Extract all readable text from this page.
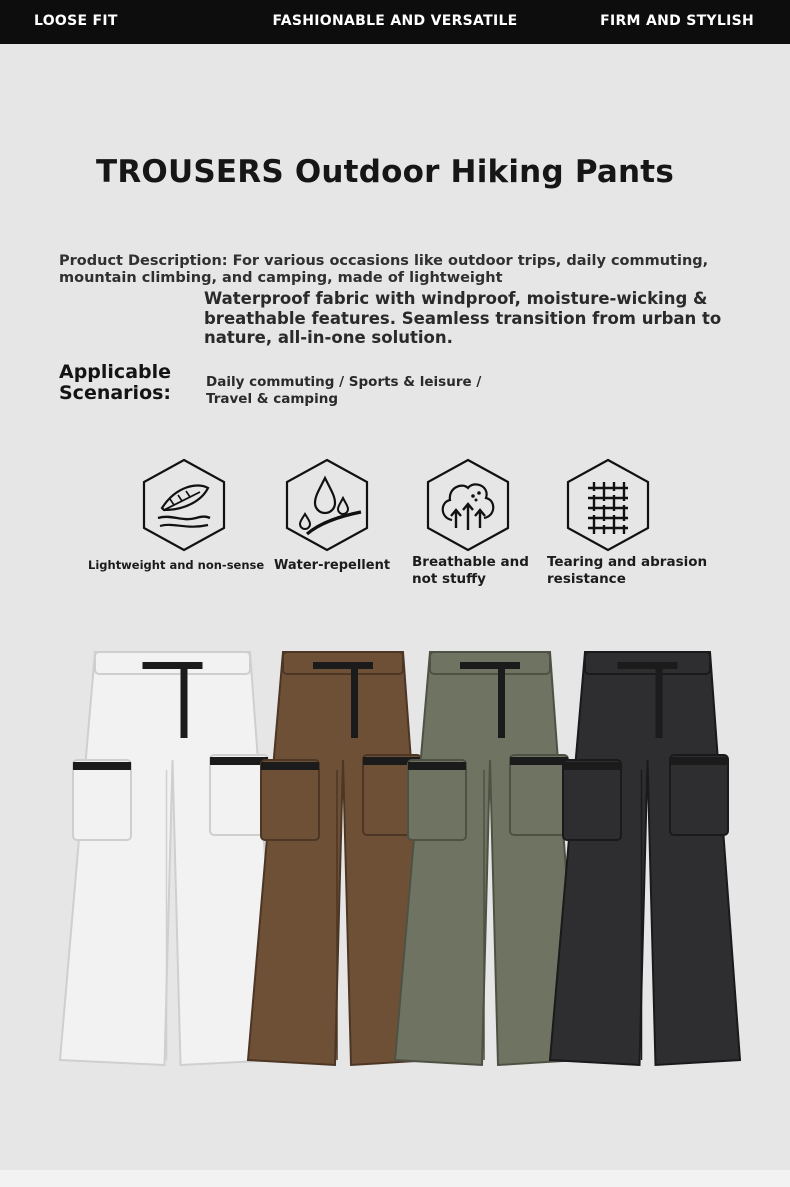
LOOSE FIT	FASHIONABLE AND VERSATILE	FIRM AND STYLISH
TROUSERS Outdoor Hiking Pants
Product Description: For various occasions like outdoor trips, daily commuting, mountain climbing, and camping, made of lightweight
Waterproof fabric with windproof, moisture-wicking & breathable features. Seamless transition from urban to nature, all-in-one solution.
Applicable Scenarios:	Daily commuting / Sports & leisure / Travel & camping
Lightweight and non-sense Water-repellent	Breathable and not stuffy
Tearing and abrasion resistance
